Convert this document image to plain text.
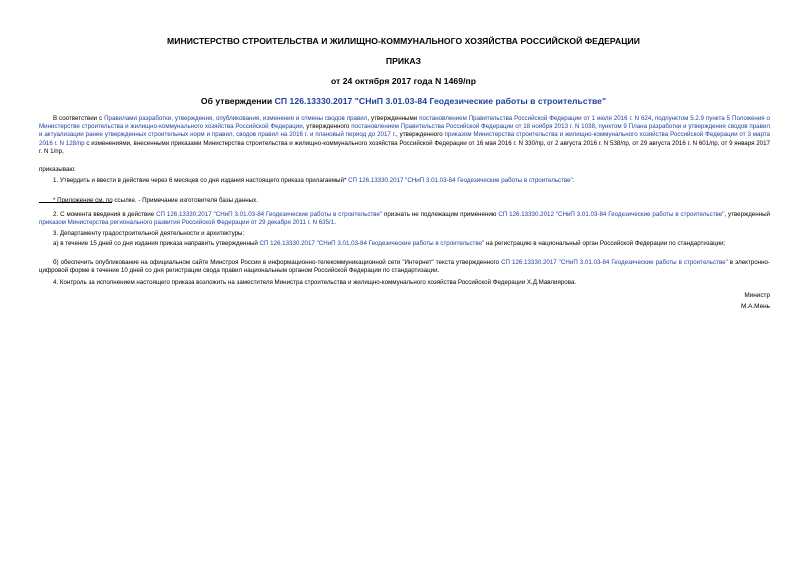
МИНИСТЕРСТВО СТРОИТЕЛЬСТВА И ЖИЛИЩНО-КОММУНАЛЬНОГО ХОЗЯЙСТВА РОССИЙСКОЙ ФЕДЕРАЦИИ
ПРИКАЗ
от 24 октября 2017 года N 1469/пр
Об утверждении СП 126.13330.2017 "СНиП 3.01.03-84 Геодезические работы в строительстве"
В соответствии с Правилами разработки, утверждения, опубликования, изменения и отмены сводов правил, утвержденными постановлением Правительства Российской Федерации от 1 июля 2016 г. N 624, подпунктом 5.2.9 пункта 5 Положения о Министерстве строительства и жилищно-коммунального хозяйства Российской Федерации, утвержденного постановлением Правительства Российской Федерации от 18 ноября 2013 г. N 1038, пунктом 9 Плана разработки и утверждения сводов правил и актуализации ранее утвержденных строительных норм и правил, сводов правил на 2016 г. и плановый период до 2017 г., утвержденного приказом Министерства строительства и жилищно-коммунального хозяйства Российской Федерации от 3 марта 2016 г. N 128/пр с изменениями, внесенными приказами Министерства строительства и жилищно-коммунального хозяйства Российской Федерации от 16 мая 2016 г. N 330/пр, от 2 августа 2016 г. N 538/пр, от 29 августа 2016 г. N 601/пр, от 9 января 2017 г. N 1/пр,
приказываю:
1. Утвердить и ввести в действие через 6 месяцев со дня издания настоящего приказа прилагаемый* СП 126.13330.2017 "СНиП 3.01.03-84 Геодезические работы в строительстве".
* Приложение см. по ссылке. - Примечание изготовителя базы данных.
2. С момента введения в действие СП 126.13330.2017 "СНиП 3.01.03-84 Геодезические работы в строительстве" признать не подлежащим применению СП 126.13330.2012 "СНиП 3.01.03-84 Геодезические работы в строительстве", утвержденный приказом Министерства регионального развития Российской Федерации от 29 декабря 2011 г. N 635/1.
3. Департаменту градостроительной деятельности и архитектуры:
а) в течение 15 дней со дня издания приказа направить утвержденный СП 126.13330.2017 "СНиП 3.01.03-84 Геодезические работы в строительстве" на регистрацию в национальный орган Российской Федерации по стандартизации;
б) обеспечить опубликование на официальном сайте Минстроя России в информационно-телекоммуникационной сети "Интернет" текста утвержденного СП 126.13330.2017 "СНиП 3.01.03-84 Геодезические работы в строительстве" в электронно-цифровой форме в течение 10 дней со дня регистрации свода правил национальным органом Российской Федерации по стандартизации.
4. Контроль за исполнением настоящего приказа возложить на заместителя Министра строительства и жилищно-коммунального хозяйства Российской Федерации Х.Д.Мавлиярова.
Министр
М.А.Мень
